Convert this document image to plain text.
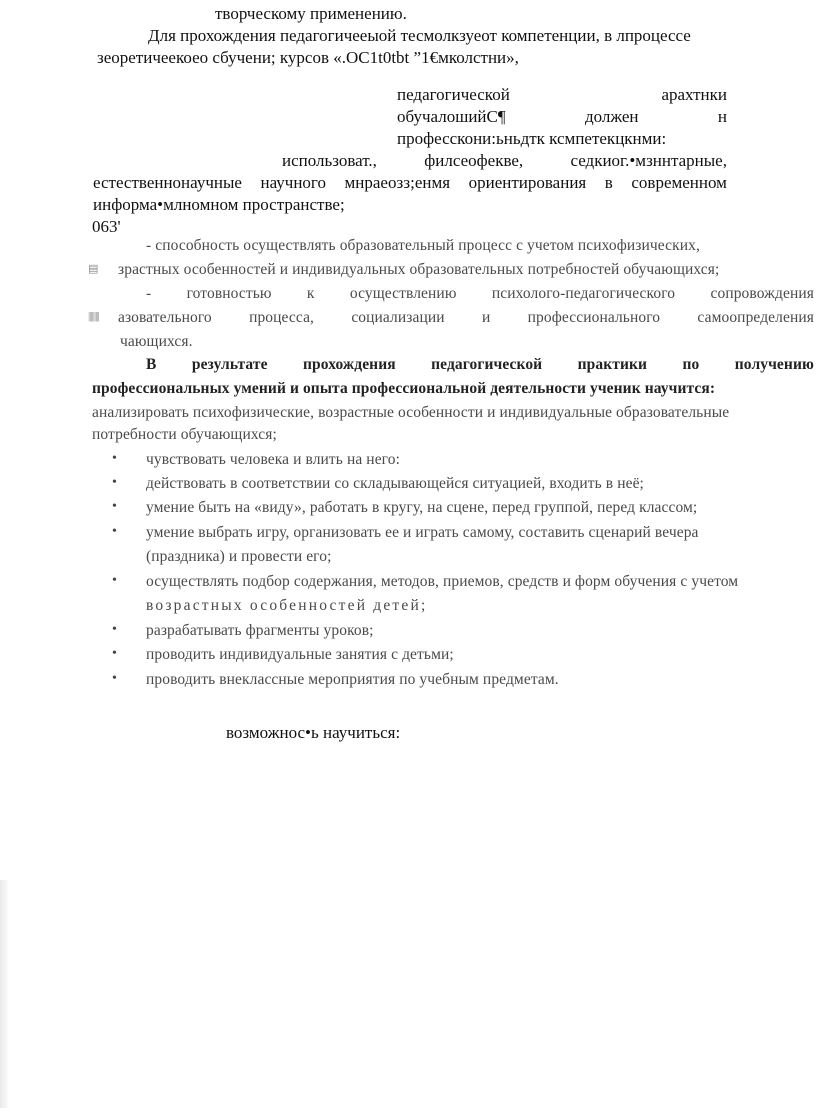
творческому применению.
Для прохождения педагогичееыой тесмолкзуеот компетенции, в лпроцессе
зеоретичеекоео сбучени; курсов «.OC1t0tbt ”1€мколстни»,
педагогической	арахтнки
обучалошийС¶	должен	н
професскони:ьньдтк ксмпетекцкнми:
использоват.,	филсеофекве,	седкиог.•мзннтарные,
естественнонаучные научного мнраеозз;енмя ориентирования в современном
информа•млномном пространстве;
063'
- способность осуществлять образовательный процесс с учетом психофизических,
▤ зрастных особенностей и индивидуальных образовательных потребностей обучающихся;
- готовностью к осуществлению психолого-педагогического сопровождения
||||||||| азовательного процесса, социализации и профессионального самоопределения
чающихся.
В результате прохождения педагогической практики по получению
профессиональных умений и опыта профессиональной деятельности ученик научится:
анализировать психофизические, возрастные особенности и индивидуальные образовательные
потребности обучающихся;
• чувствовать человека и влить на него:
• действовать в соответствии со складывающейся ситуацией, входить в неё;
• умение быть на «виду», работать в кругу, на сцене, перед группой, перед классом;
• умение выбрать игру, организовать ее и играть самому, составить сценарий вечера
(праздника) и провести его;
• осуществлять подбор содержания, методов, приемов, средств и форм обучения с учетом
возрастных особенностей детей;
• разрабатывать фрагменты уроков;
• проводить индивидуальные занятия с детьми;
• проводить внеклассные мероприятия по учебным предметам.
возможнос•ь научиться:
